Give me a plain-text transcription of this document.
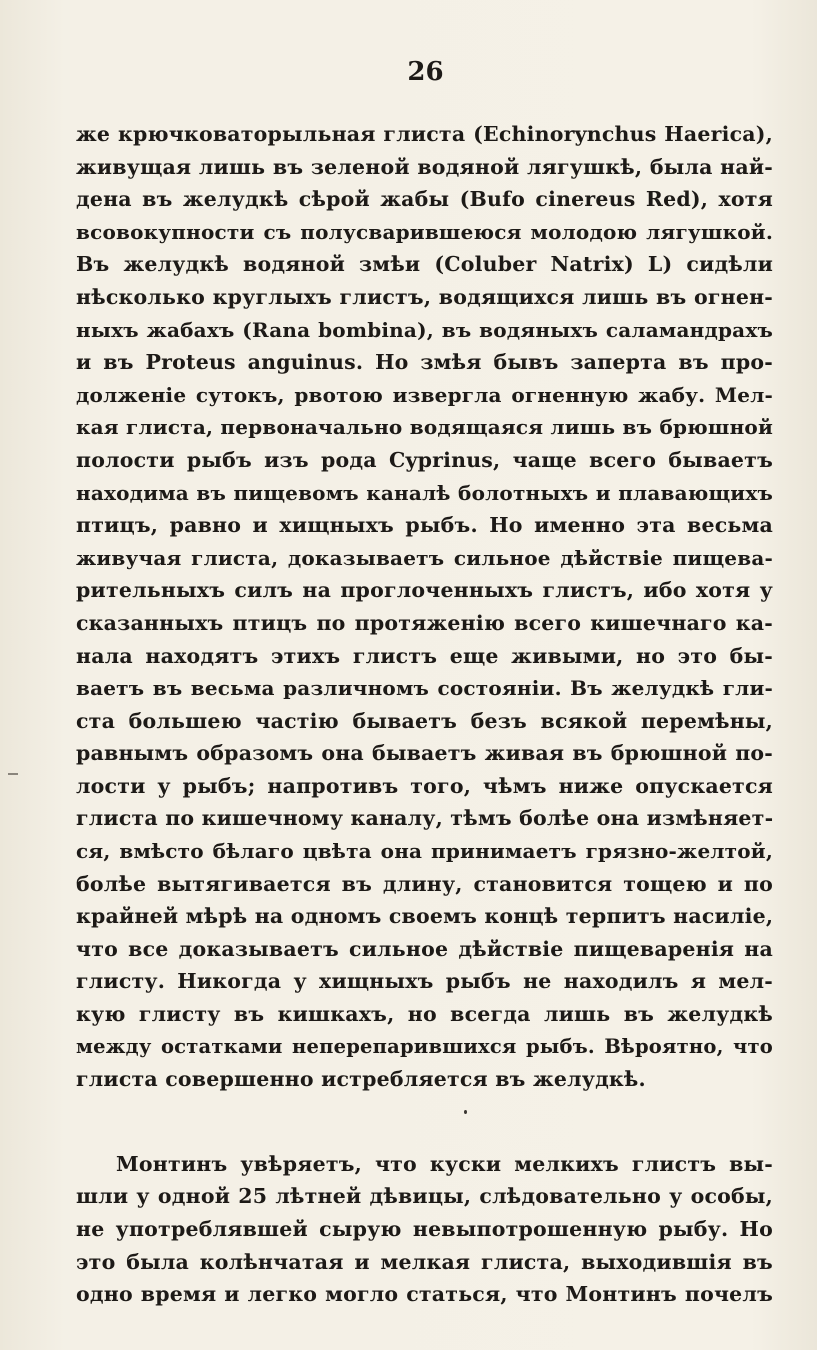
26
же крючковаторыльная глиста (Echinorynchus Haerica),
живущая лишь въ зеленой водяной лягушкѣ, была най-
дена въ желудкѣ сѣрой жабы (Bufo cinereus Red), хотя
всовокупности съ полусварившеюся молодою лягушкой.
Въ желудкѣ водяной змѣи (Coluber Natrix) L) сидѣли
нѣсколько круглыхъ глистъ, водящихся лишь въ огнен-
ныхъ жабахъ (Rana bombina), въ водяныхъ саламандрахъ
и въ Proteus anguinus. Но змѣя бывъ заперта въ про-
долженіе сутокъ, рвотою изверглa огненную жабу. Мел-
кая глиста, первоначально водящаяся лишь въ брюшной
полости рыбъ изъ рода Cyprinus, чаще всего бываетъ
находима въ пищевомъ каналѣ болотныхъ и плавающихъ
птицъ, равно и хищныхъ рыбъ. Но именно эта весьма
живучая глиста, доказываетъ сильное дѣйствіе пищева-
рительныхъ силъ на проглоченныхъ глистъ, ибо хотя у
сказанныхъ птицъ по протяженію всего кишечнаго ка-
нала находятъ этихъ глистъ еще живыми, но это бы-
ваетъ въ весьма различномъ состояніи. Въ желудкѣ гли-
ста большею частію бываетъ безъ всякой перемѣны,
равнымъ образомъ она бываетъ живая въ брюшной по-
лости у рыбъ; напротивъ того, чѣмъ ниже опускается
глиста по кишечному каналу, тѣмъ болѣе она измѣняет-
ся, вмѣсто бѣлаго цвѣта она принимаетъ грязно-желтой,
болѣе вытягивается въ длину, становится тощею и по
крайней мѣрѣ на одномъ своемъ концѣ терпитъ насиліе,
что все доказываетъ сильное дѣйствіе пищеваренія на
глисту. Никогда у хищныхъ рыбъ не находилъ я мел-
кую глисту въ кишкахъ, но всегда лишь въ желудкѣ
между остатками неперепарившихся рыбъ. Вѣроятно, что
глиста совершенно истребляется въ желудкѣ.
Монтинъ увѣряетъ, что куски мелкихъ глистъ вы-
шли у одной 25 лѣтней дѣвицы, слѣдовательно у особы,
не употреблявшей сырую невыпотрошенную рыбу. Но
это была колѣнчатая и мелкая глиста, выходившія въ
одно время и легко могло статься, что Монтинъ почелъ
